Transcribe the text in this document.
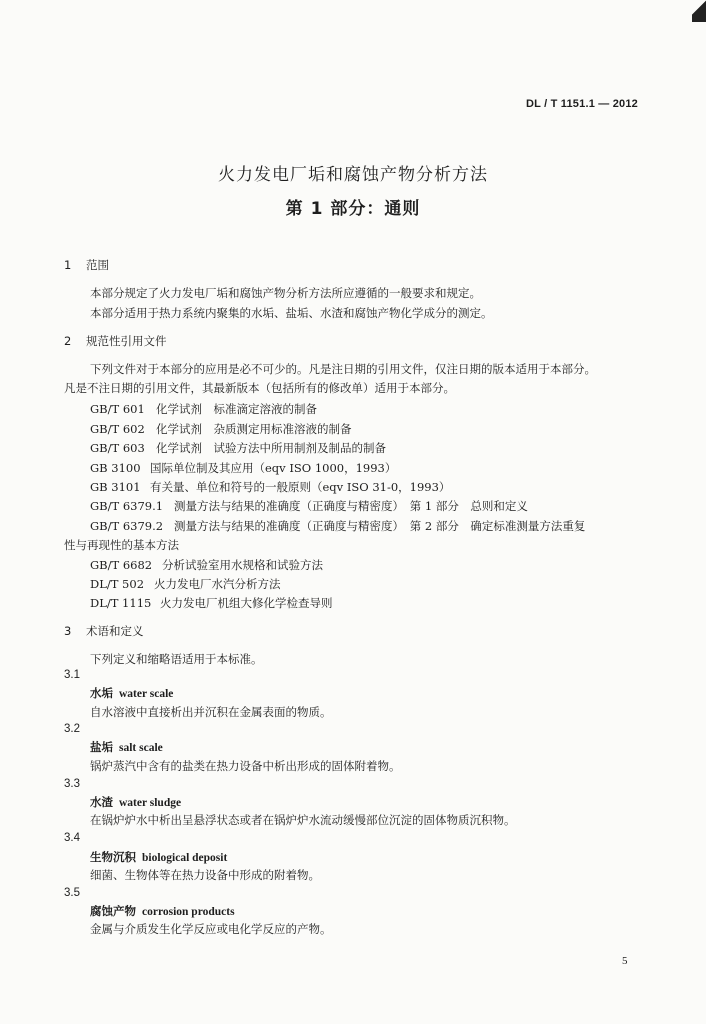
DL / T 1151.1 — 2012
火力发电厂垢和腐蚀产物分析方法
第 1 部分：通则
1 范围
本部分规定了火力发电厂垢和腐蚀产物分析方法所应遵循的一般要求和规定。
本部分适用于热力系统内聚集的水垢、盐垢、水渣和腐蚀产物化学成分的测定。
2 规范性引用文件
下列文件对于本部分的应用是必不可少的。凡是注日期的引用文件，仅注日期的版本适用于本部分。
凡是不注日期的引用文件，其最新版本（包括所有的修改单）适用于本部分。
GB/T 601 化学试剂　标准滴定溶液的制备
GB/T 602 化学试剂　杂质测定用标准溶液的制备
GB/T 603 化学试剂　试验方法中所用制剂及制品的制备
GB 3100 国际单位制及其应用（eqv ISO 1000，1993）
GB 3101 有关量、单位和符号的一般原则（eqv ISO 31-0，1993）
GB/T 6379.1 测量方法与结果的准确度（正确度与精密度）　第 1 部分　总则和定义
GB/T 6379.2 测量方法与结果的准确度（正确度与精密度）　第 2 部分　确定标准测量方法重复
性与再现性的基本方法
GB/T 6682 分析试验室用水规格和试验方法
DL/T 502 火力发电厂水汽分析方法
DL/T 1115 火力发电厂机组大修化学检查导则
3 术语和定义
下列定义和缩略语适用于本标准。
3.1
水垢 water scale
自水溶液中直接析出并沉积在金属表面的物质。
3.2
盐垢 salt scale
锅炉蒸汽中含有的盐类在热力设备中析出形成的固体附着物。
3.3
水渣 water sludge
在锅炉炉水中析出呈悬浮状态或者在锅炉炉水流动缓慢部位沉淀的固体物质沉积物。
3.4
生物沉积 biological deposit
细菌、生物体等在热力设备中形成的附着物。
3.5
腐蚀产物 corrosion products
金属与介质发生化学反应或电化学反应的产物。
5
